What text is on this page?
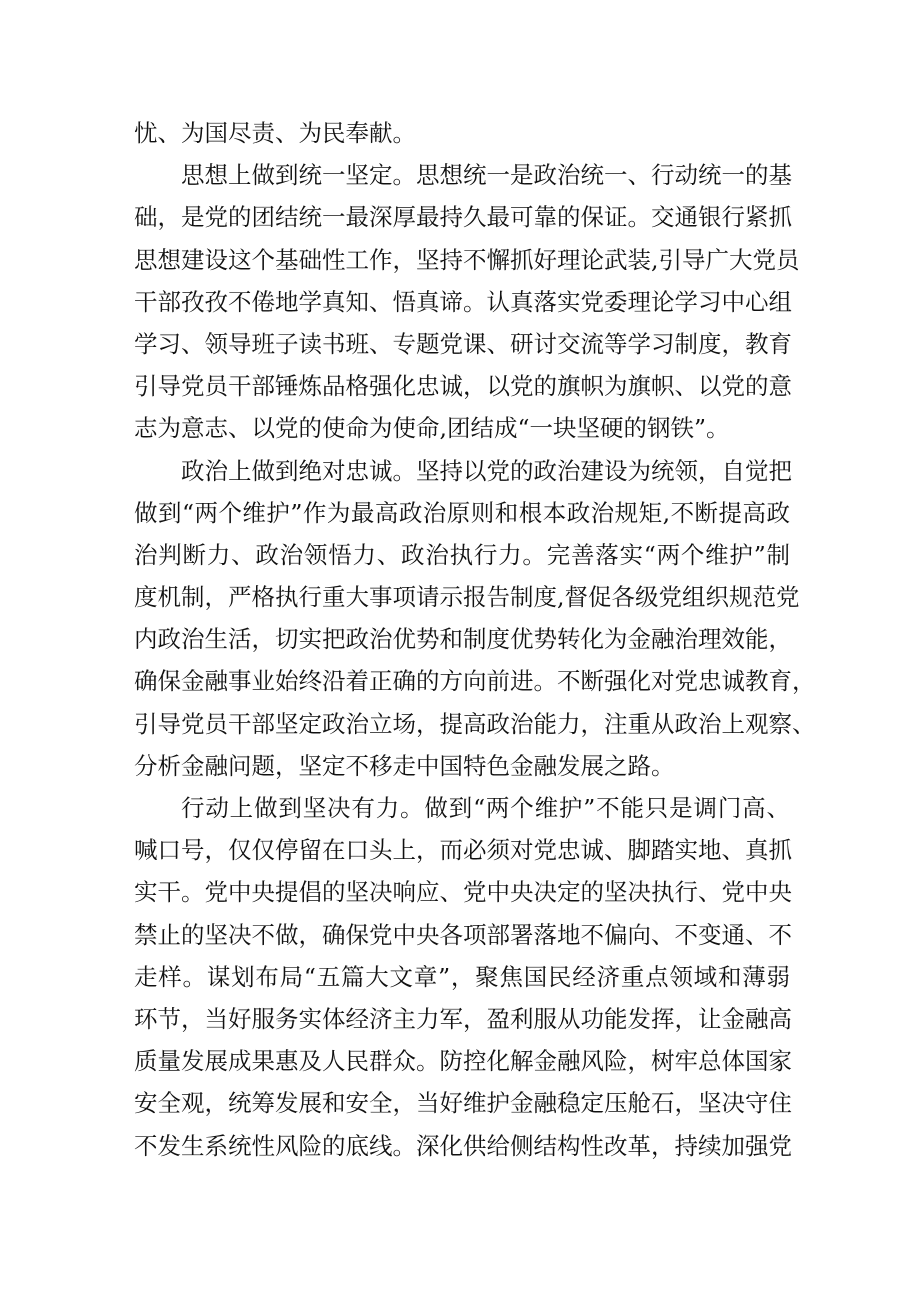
忧、为国尽责、为民奉献。
思想上做到统一坚定。思想统一是政治统一、行动统一的基
础，是党的团结统一最深厚最持久最可靠的保证。交通银行紧抓
思想建设这个基础性工作，坚持不懈抓好理论武装,引导广大党员
干部孜孜不倦地学真知、悟真谛。认真落实党委理论学习中心组
学习、领导班子读书班、专题党课、研讨交流等学习制度，教育
引导党员干部锤炼品格强化忠诚，以党的旗帜为旗帜、以党的意
志为意志、以党的使命为使命,团结成“一块坚硬的钢铁”。
政治上做到绝对忠诚。坚持以党的政治建设为统领，自觉把
做到“两个维护”作为最高政治原则和根本政治规矩,不断提高政
治判断力、政治领悟力、政治执行力。完善落实“两个维护”制
度机制，严格执行重大事项请示报告制度,督促各级党组织规范党
内政治生活，切实把政治优势和制度优势转化为金融治理效能，
确保金融事业始终沿着正确的方向前进。不断强化对党忠诚教育，
引导党员干部坚定政治立场，提高政治能力，注重从政治上观察、
分析金融问题，坚定不移走中国特色金融发展之路。
行动上做到坚决有力。做到“两个维护”不能只是调门高、
喊口号，仅仅停留在口头上，而必须对党忠诚、脚踏实地、真抓
实干。党中央提倡的坚决响应、党中央决定的坚决执行、党中央
禁止的坚决不做，确保党中央各项部署落地不偏向、不变通、不
走样。谋划布局“五篇大文章”，聚焦国民经济重点领域和薄弱
环节，当好服务实体经济主力军，盈利服从功能发挥，让金融高
质量发展成果惠及人民群众。防控化解金融风险，树牢总体国家
安全观，统筹发展和安全，当好维护金融稳定压舱石，坚决守住
不发生系统性风险的底线。深化供给侧结构性改革，持续加强党
